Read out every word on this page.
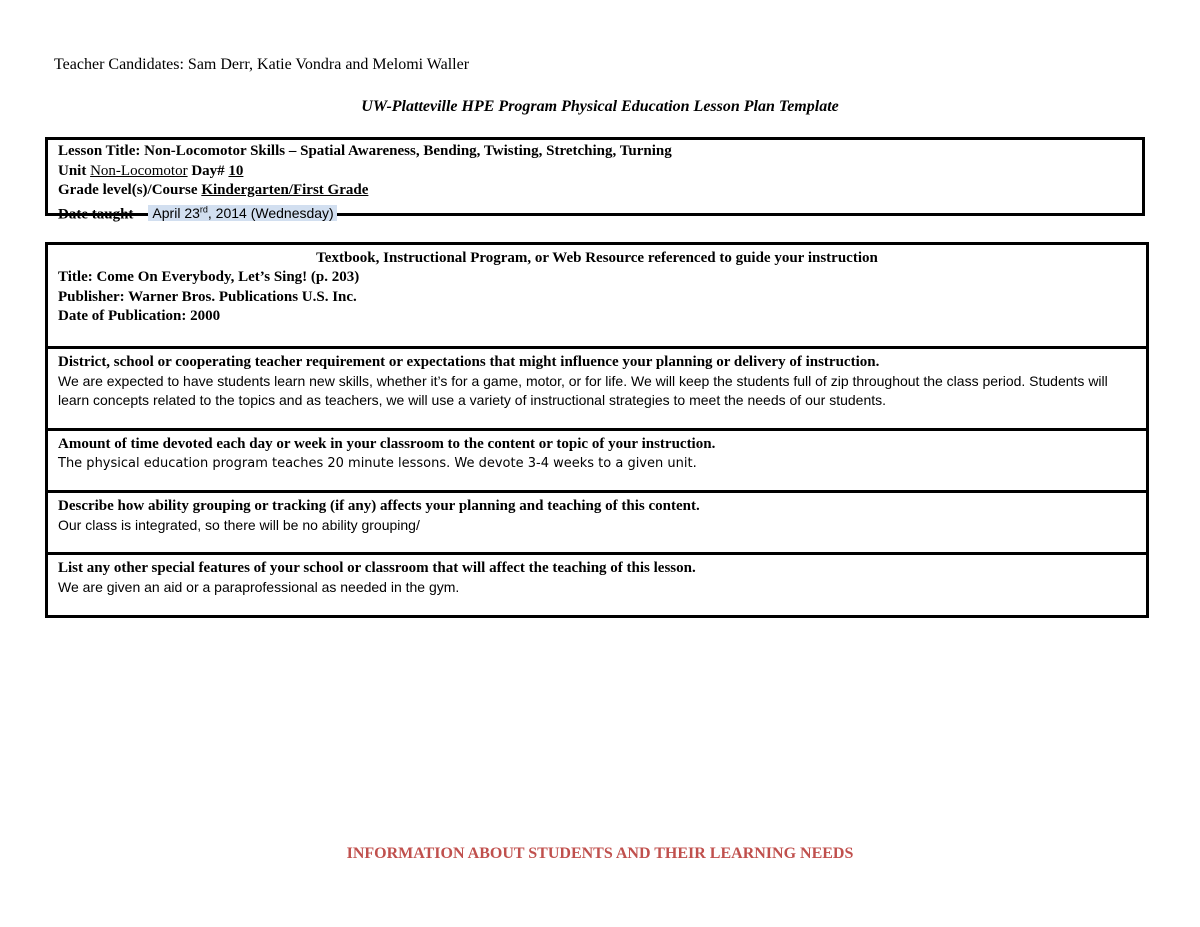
Teacher Candidates: Sam Derr, Katie Vondra and Melomi Waller
UW-Platteville HPE Program Physical Education Lesson Plan Template
Lesson Title: Non-Locomotor Skills – Spatial Awareness, Bending, Twisting, Stretching, Turning
Unit Non-Locomotor Day# 10
Grade level(s)/Course Kindergarten/First Grade
Date taught – April 23rd, 2014 (Wednesday)
Textbook, Instructional Program, or Web Resource referenced to guide your instruction
Title: Come On Everybody, Let’s Sing! (p. 203)
Publisher: Warner Bros. Publications U.S. Inc.
Date of Publication: 2000
District, school or cooperating teacher requirement or expectations that might influence your planning or delivery of instruction.
We are expected to have students learn new skills, whether it’s for a game, motor, or for life. We will keep the students full of zip throughout the class period. Students will learn concepts related to the topics and as teachers, we will use a variety of instructional strategies to meet the needs of our students.
Amount of time devoted each day or week in your classroom to the content or topic of your instruction.
The physical education program teaches 20 minute lessons. We devote 3-4 weeks to a given unit.
Describe how ability grouping or tracking (if any) affects your planning and teaching of this content.
Our class is integrated, so there will be no ability grouping/
List any other special features of your school or classroom that will affect the teaching of this lesson.
We are given an aid or a paraprofessional as needed in the gym.
INFORMATION ABOUT STUDENTS AND THEIR LEARNING NEEDS
